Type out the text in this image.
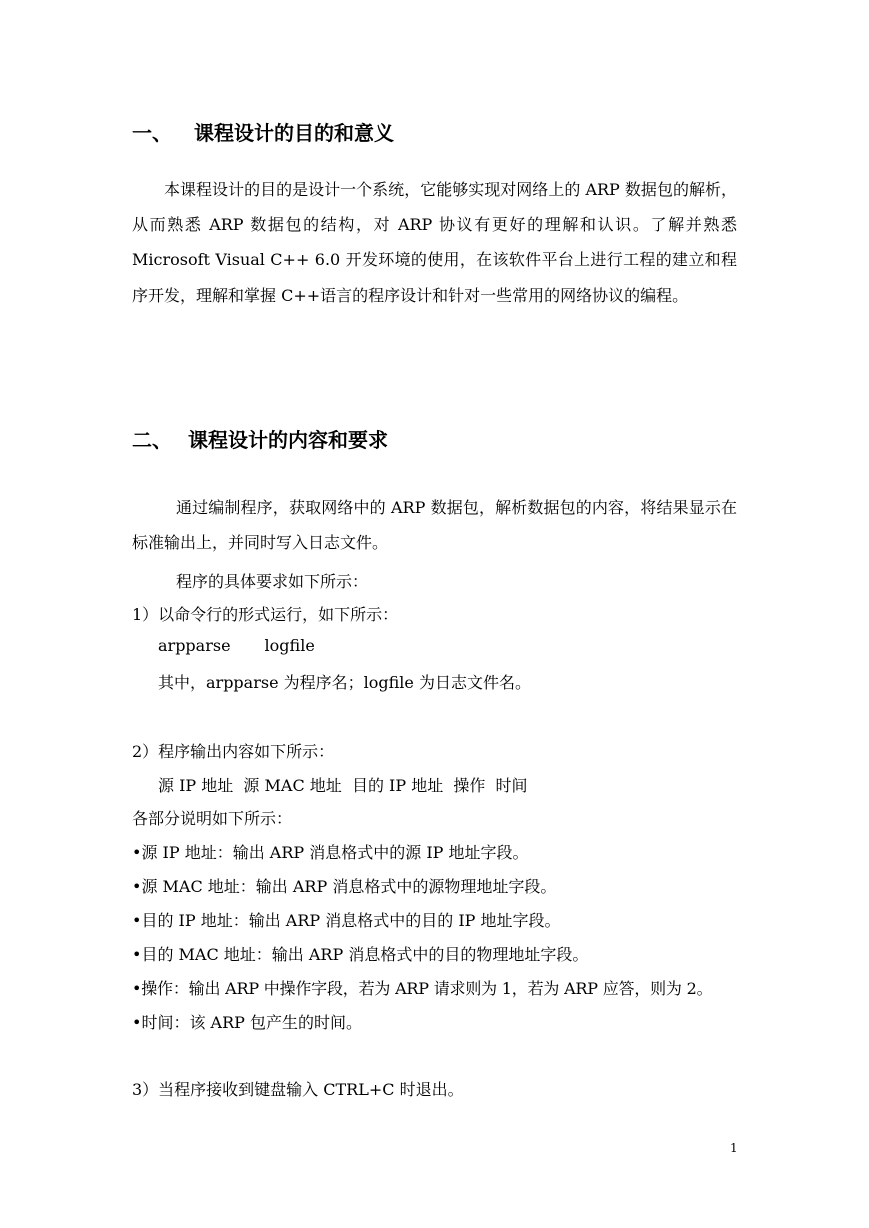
一、 课程设计的目的和意义

本课程设计的目的是设计一个系统，它能够实现对网络上的 ARP 数据包的解析，从而熟悉 ARP 数据包的结构，对 ARP 协议有更好的理解和认识。了解并熟悉 Microsoft Visual C++ 6.0 开发环境的使用，在该软件平台上进行工程的建立和程序开发，理解和掌握 C++语言的程序设计和针对一些常用的网络协议的编程。

二、 课程设计的内容和要求

通过编制程序，获取网络中的 ARP 数据包，解析数据包的内容，将结果显示在标准输出上，并同时写入日志文件。

程序的具体要求如下所示：

1）以命令行的形式运行，如下所示：

arpparse logfile

其中，arpparse 为程序名；logfile 为日志文件名。

2）程序输出内容如下所示：

源 IP 地址  源 MAC 地址  目的 IP 地址  操作  时间

各部分说明如下所示：

•源 IP 地址：输出 ARP 消息格式中的源 IP 地址字段。

•源 MAC 地址：输出 ARP 消息格式中的源物理地址字段。

•目的 IP 地址：输出 ARP 消息格式中的目的 IP 地址字段。

•目的 MAC 地址：输出 ARP 消息格式中的目的物理地址字段。

•操作：输出 ARP 中操作字段，若为 ARP 请求则为 1，若为 ARP 应答，则为 2。

•时间：该 ARP 包产生的时间。

3）当程序接收到键盘输入 CTRL+C 时退出。

1
